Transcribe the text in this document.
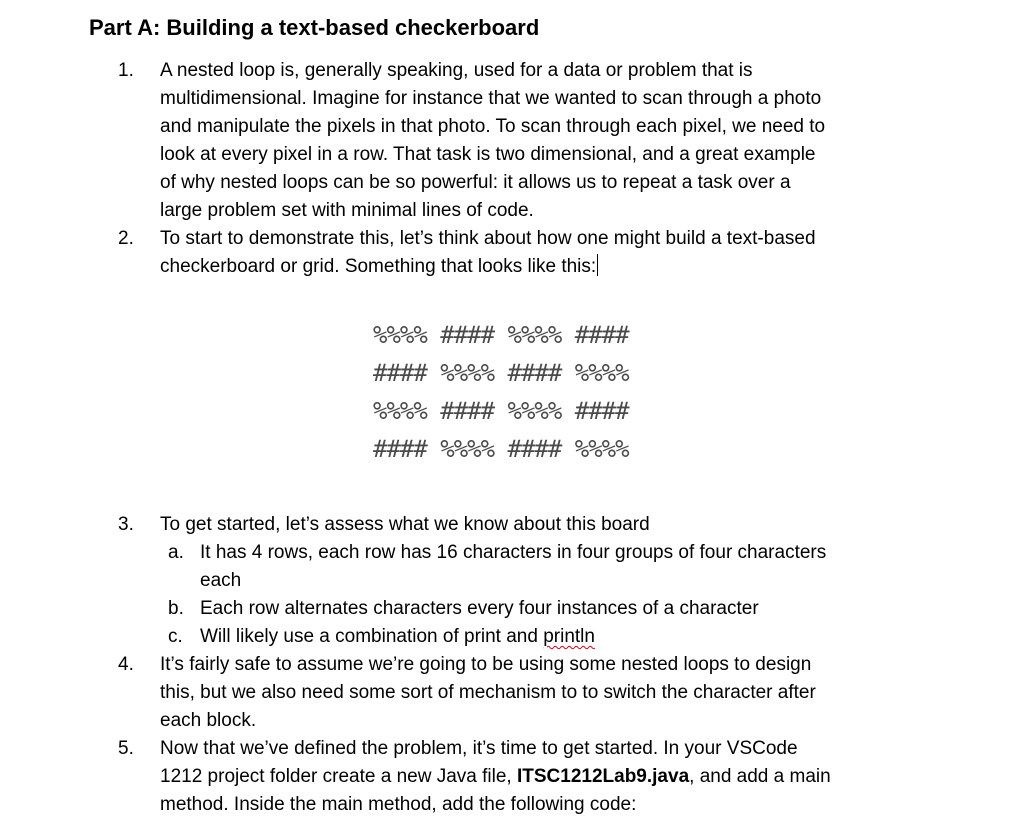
Part A: Building a text-based checkerboard
1.	A nested loop is, generally speaking, used for a data or problem that is
multidimensional. Imagine for instance that we wanted to scan through a photo
and manipulate the pixels in that photo. To scan through each pixel, we need to
look at every pixel in a row. That task is two dimensional, and a great example
of why nested loops can be so powerful: it allows us to repeat a task over a
large problem set with minimal lines of code.
2.	To start to demonstrate this, let’s think about how one might build a text-based
checkerboard or grid. Something that looks like this:
%%%% #### %%%% ####
#### %%%% #### %%%%
%%%% #### %%%% ####
#### %%%% #### %%%%
3.	To get started, let’s assess what we know about this board
a. It has 4 rows, each row has 16 characters in four groups of four characters
each
b. Each row alternates characters every four instances of a character
c. Will likely use a combination of print and println
4.	It’s fairly safe to assume we’re going to be using some nested loops to design
this, but we also need some sort of mechanism to to switch the character after
each block.
5.	Now that we’ve defined the problem, it’s time to get started. In your VSCode
1212 project folder create a new Java file, ITSC1212Lab9.java, and add a main
method. Inside the main method, add the following code:
